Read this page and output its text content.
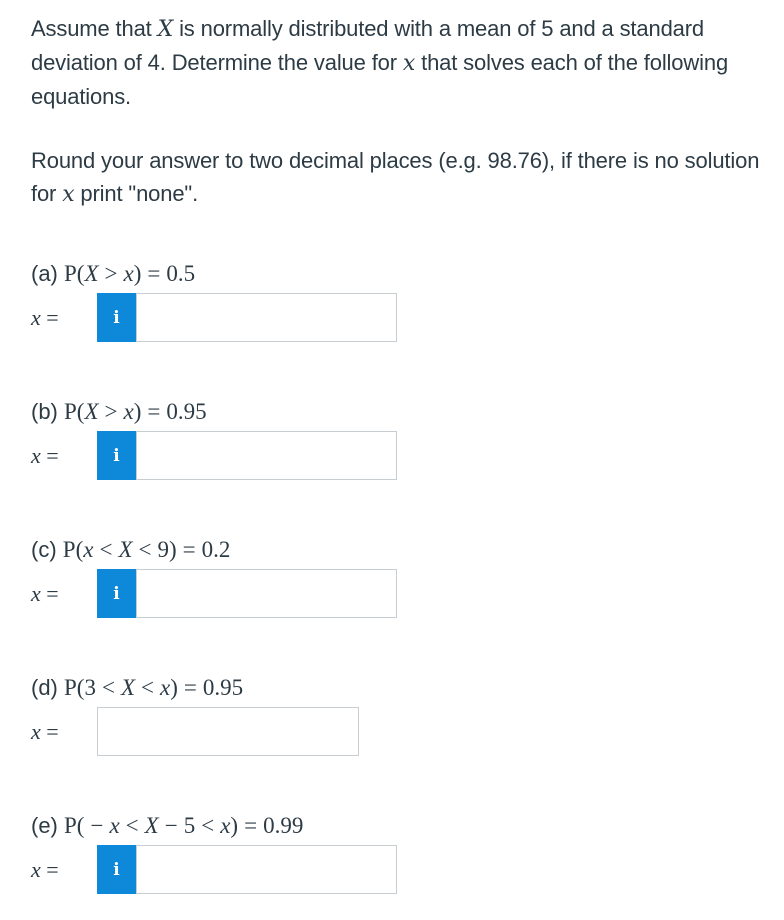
Assume that X is normally distributed with a mean of 5 and a standard deviation of 4. Determine the value for x that solves each of the following equations.

Round your answer to two decimal places (e.g. 98.76), if there is no solution for x print "none".

(a) P(X > x) = 0.5
x =	i
(b) P(X > x) = 0.95
x =	i
(c) P(x < X < 9) = 0.2
x =	i
(d) P(3 < X < x) = 0.95
x =
(e) P( − x < X − 5 < x) = 0.99
x =	i
